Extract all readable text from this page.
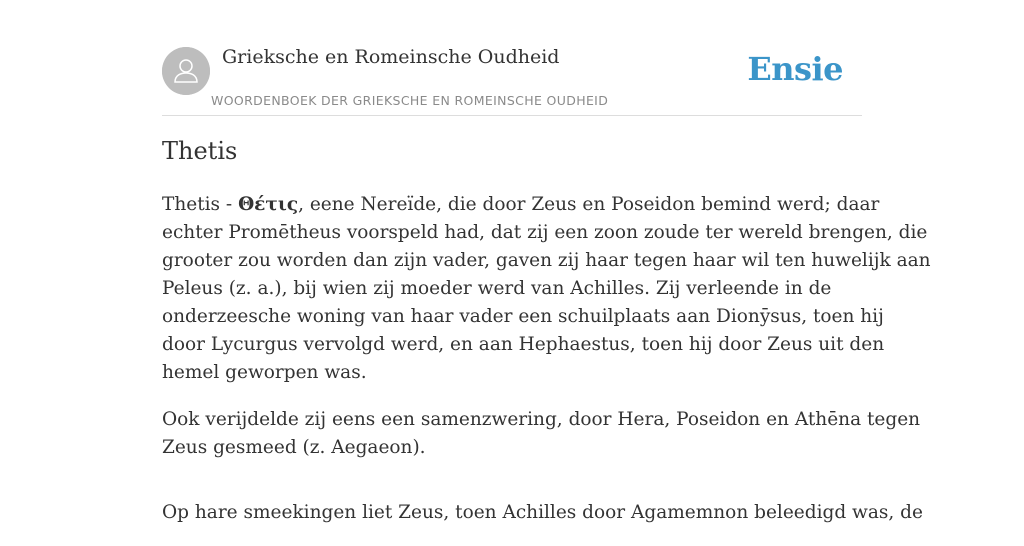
Grieksche en Romeinsche Oudheid
WOORDENBOEK DER GRIEKSCHE EN ROMEINSCHE OUDHEID
Ensie
Thetis

Thetis - Θέτις, eene Nereïde, die door Zeus en Poseidon bemind werd; daar
echter Promētheus voorspeld had, dat zij een zoon zoude ter wereld brengen, die
grooter zou worden dan zijn vader, gaven zij haar tegen haar wil ten huwelijk aan
Peleus (z. a.), bij wien zij moeder werd van Achilles. Zij verleende in de
onderzeesche woning van haar vader een schuilplaats aan Dionȳsus, toen hij
door Lycurgus vervolgd werd, en aan Hephaestus, toen hij door Zeus uit den
hemel geworpen was.

Ook verijdelde zij eens een samenzwering, door Hera, Poseidon en Athēna tegen
Zeus gesmeed (z. Aegaeon).

Op hare smeekingen liet Zeus, toen Achilles door Agamemnon beleedigd was, de
